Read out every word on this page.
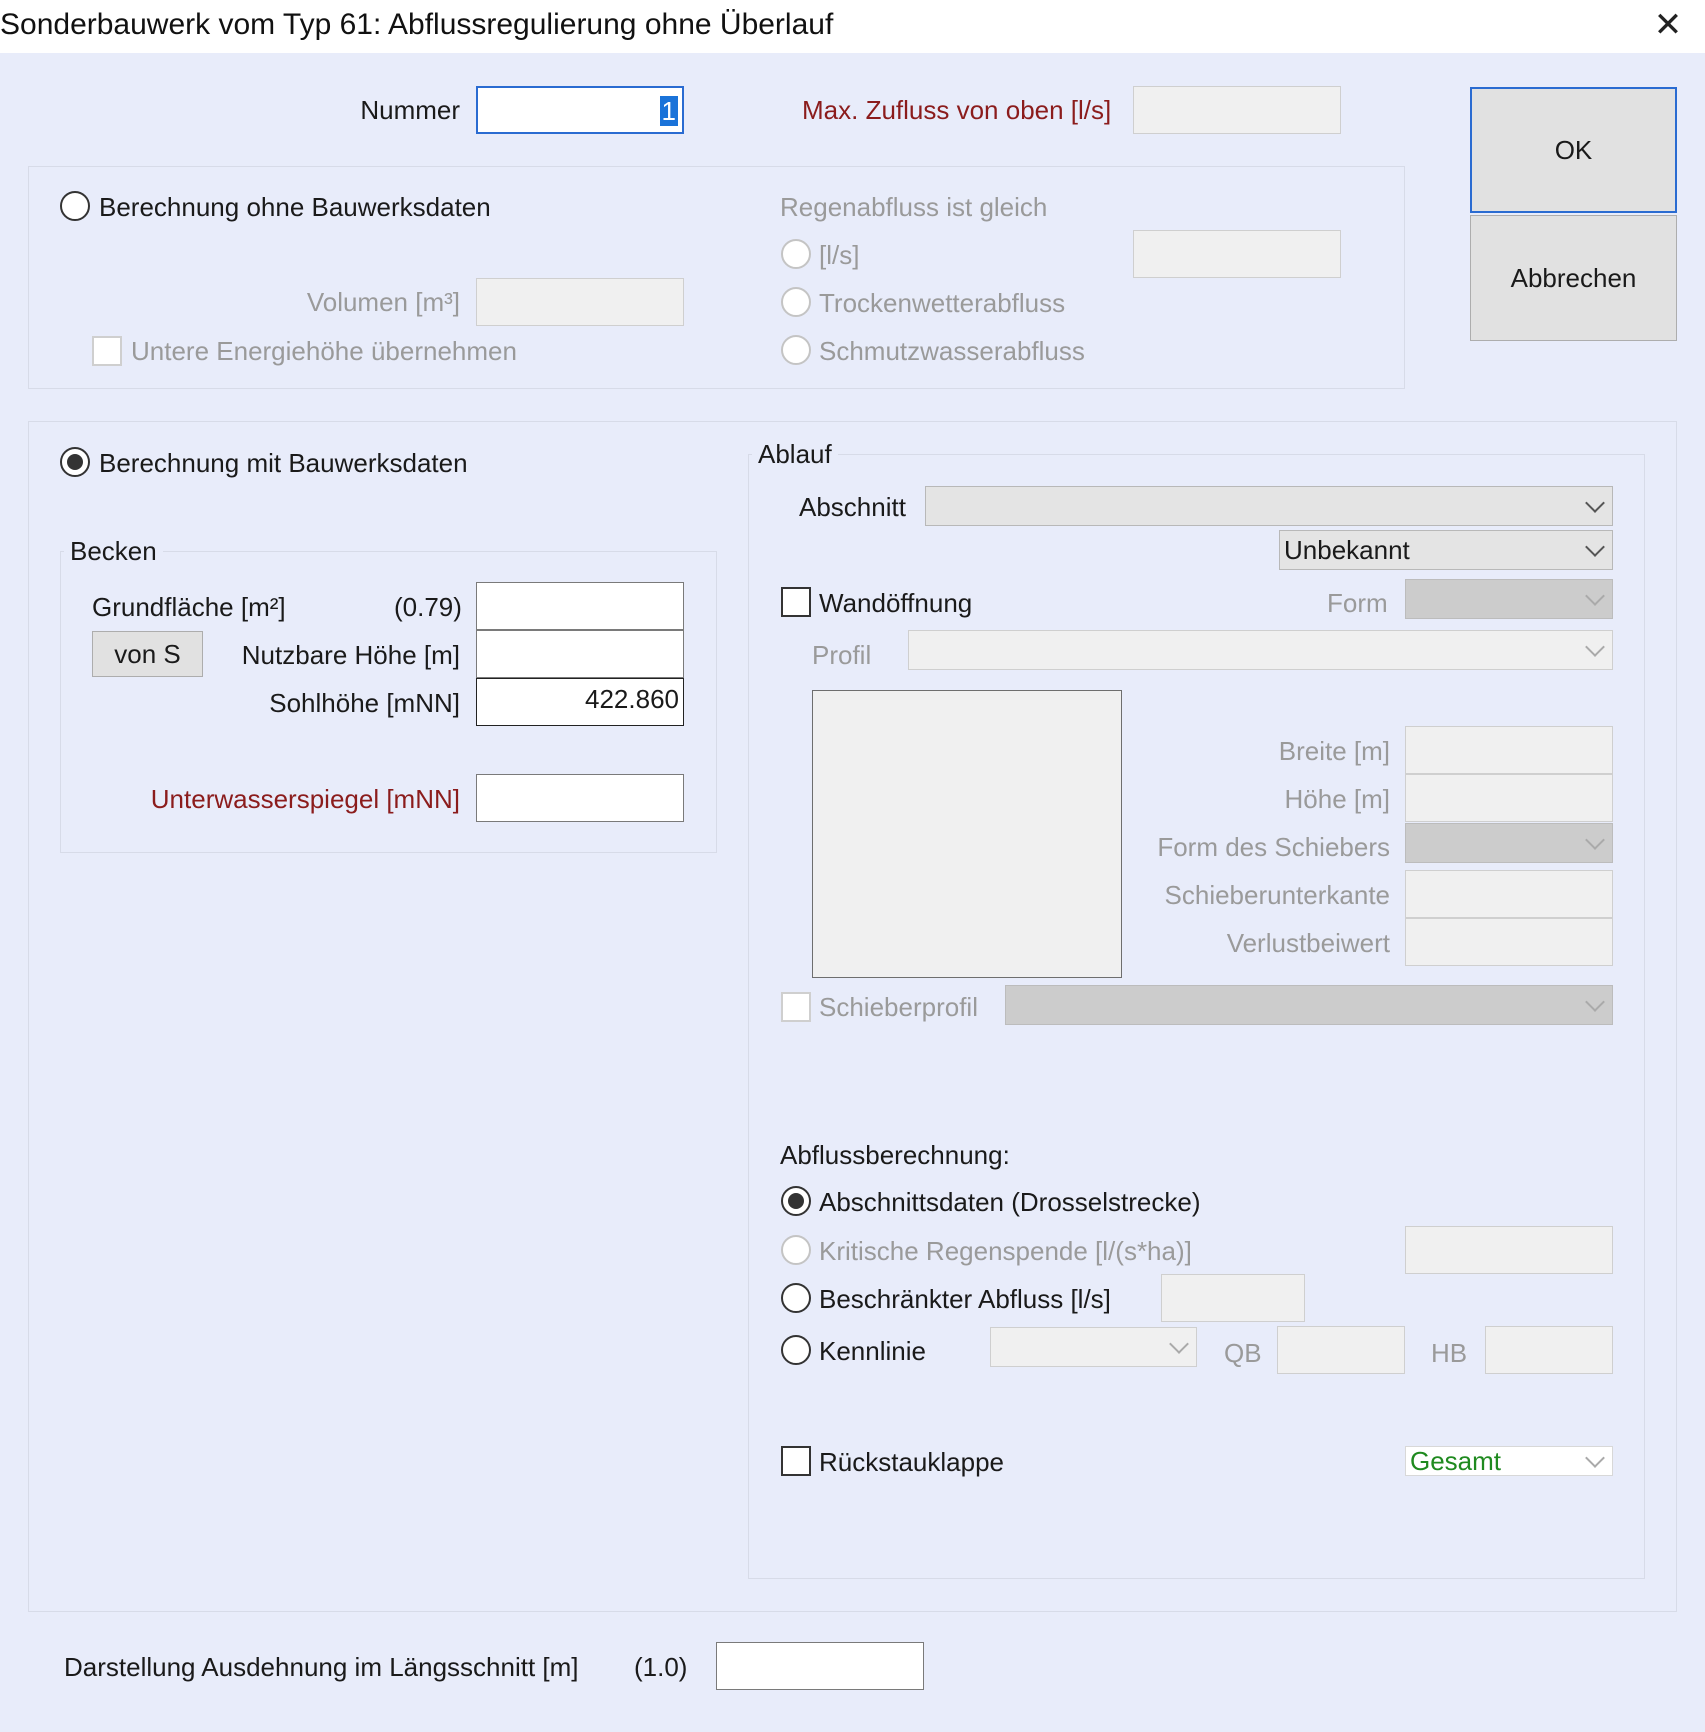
Sonderbauwerk vom Typ 61: Abflussregulierung ohne Überlauf	✕
Nummer	1	Max. Zufluss von oben [l/s]
OK
Abbrechen
Berechnung ohne Bauwerksdaten
Volumen [m³]
Untere Energiehöhe übernehmen
Regenabfluss ist gleich
[l/s]
Trockenwetterabfluss
Schmutzwasserabfluss
Berechnung mit Bauwerksdaten
Becken
Grundfläche [m²]	(0.79)
von S	Nutzbare Höhe [m]
Sohlhöhe [mNN]	422.860
Unterwasserspiegel [mNN]
Ablauf
Abschnitt
Unbekannt
Wandöffnung	Form
Profil
Breite [m]
Höhe [m]
Form des Schiebers
Schieberunterkante
Verlustbeiwert
Schieberprofil
Abflussberechnung:
Abschnittsdaten (Drosselstrecke)
Kritische Regenspende [l/(s*ha)]
Beschränkter Abfluss [l/s]
Kennlinie	QB	HB
Rückstauklappe	Gesamt
Darstellung Ausdehnung im Längsschnitt [m] (1.0)
